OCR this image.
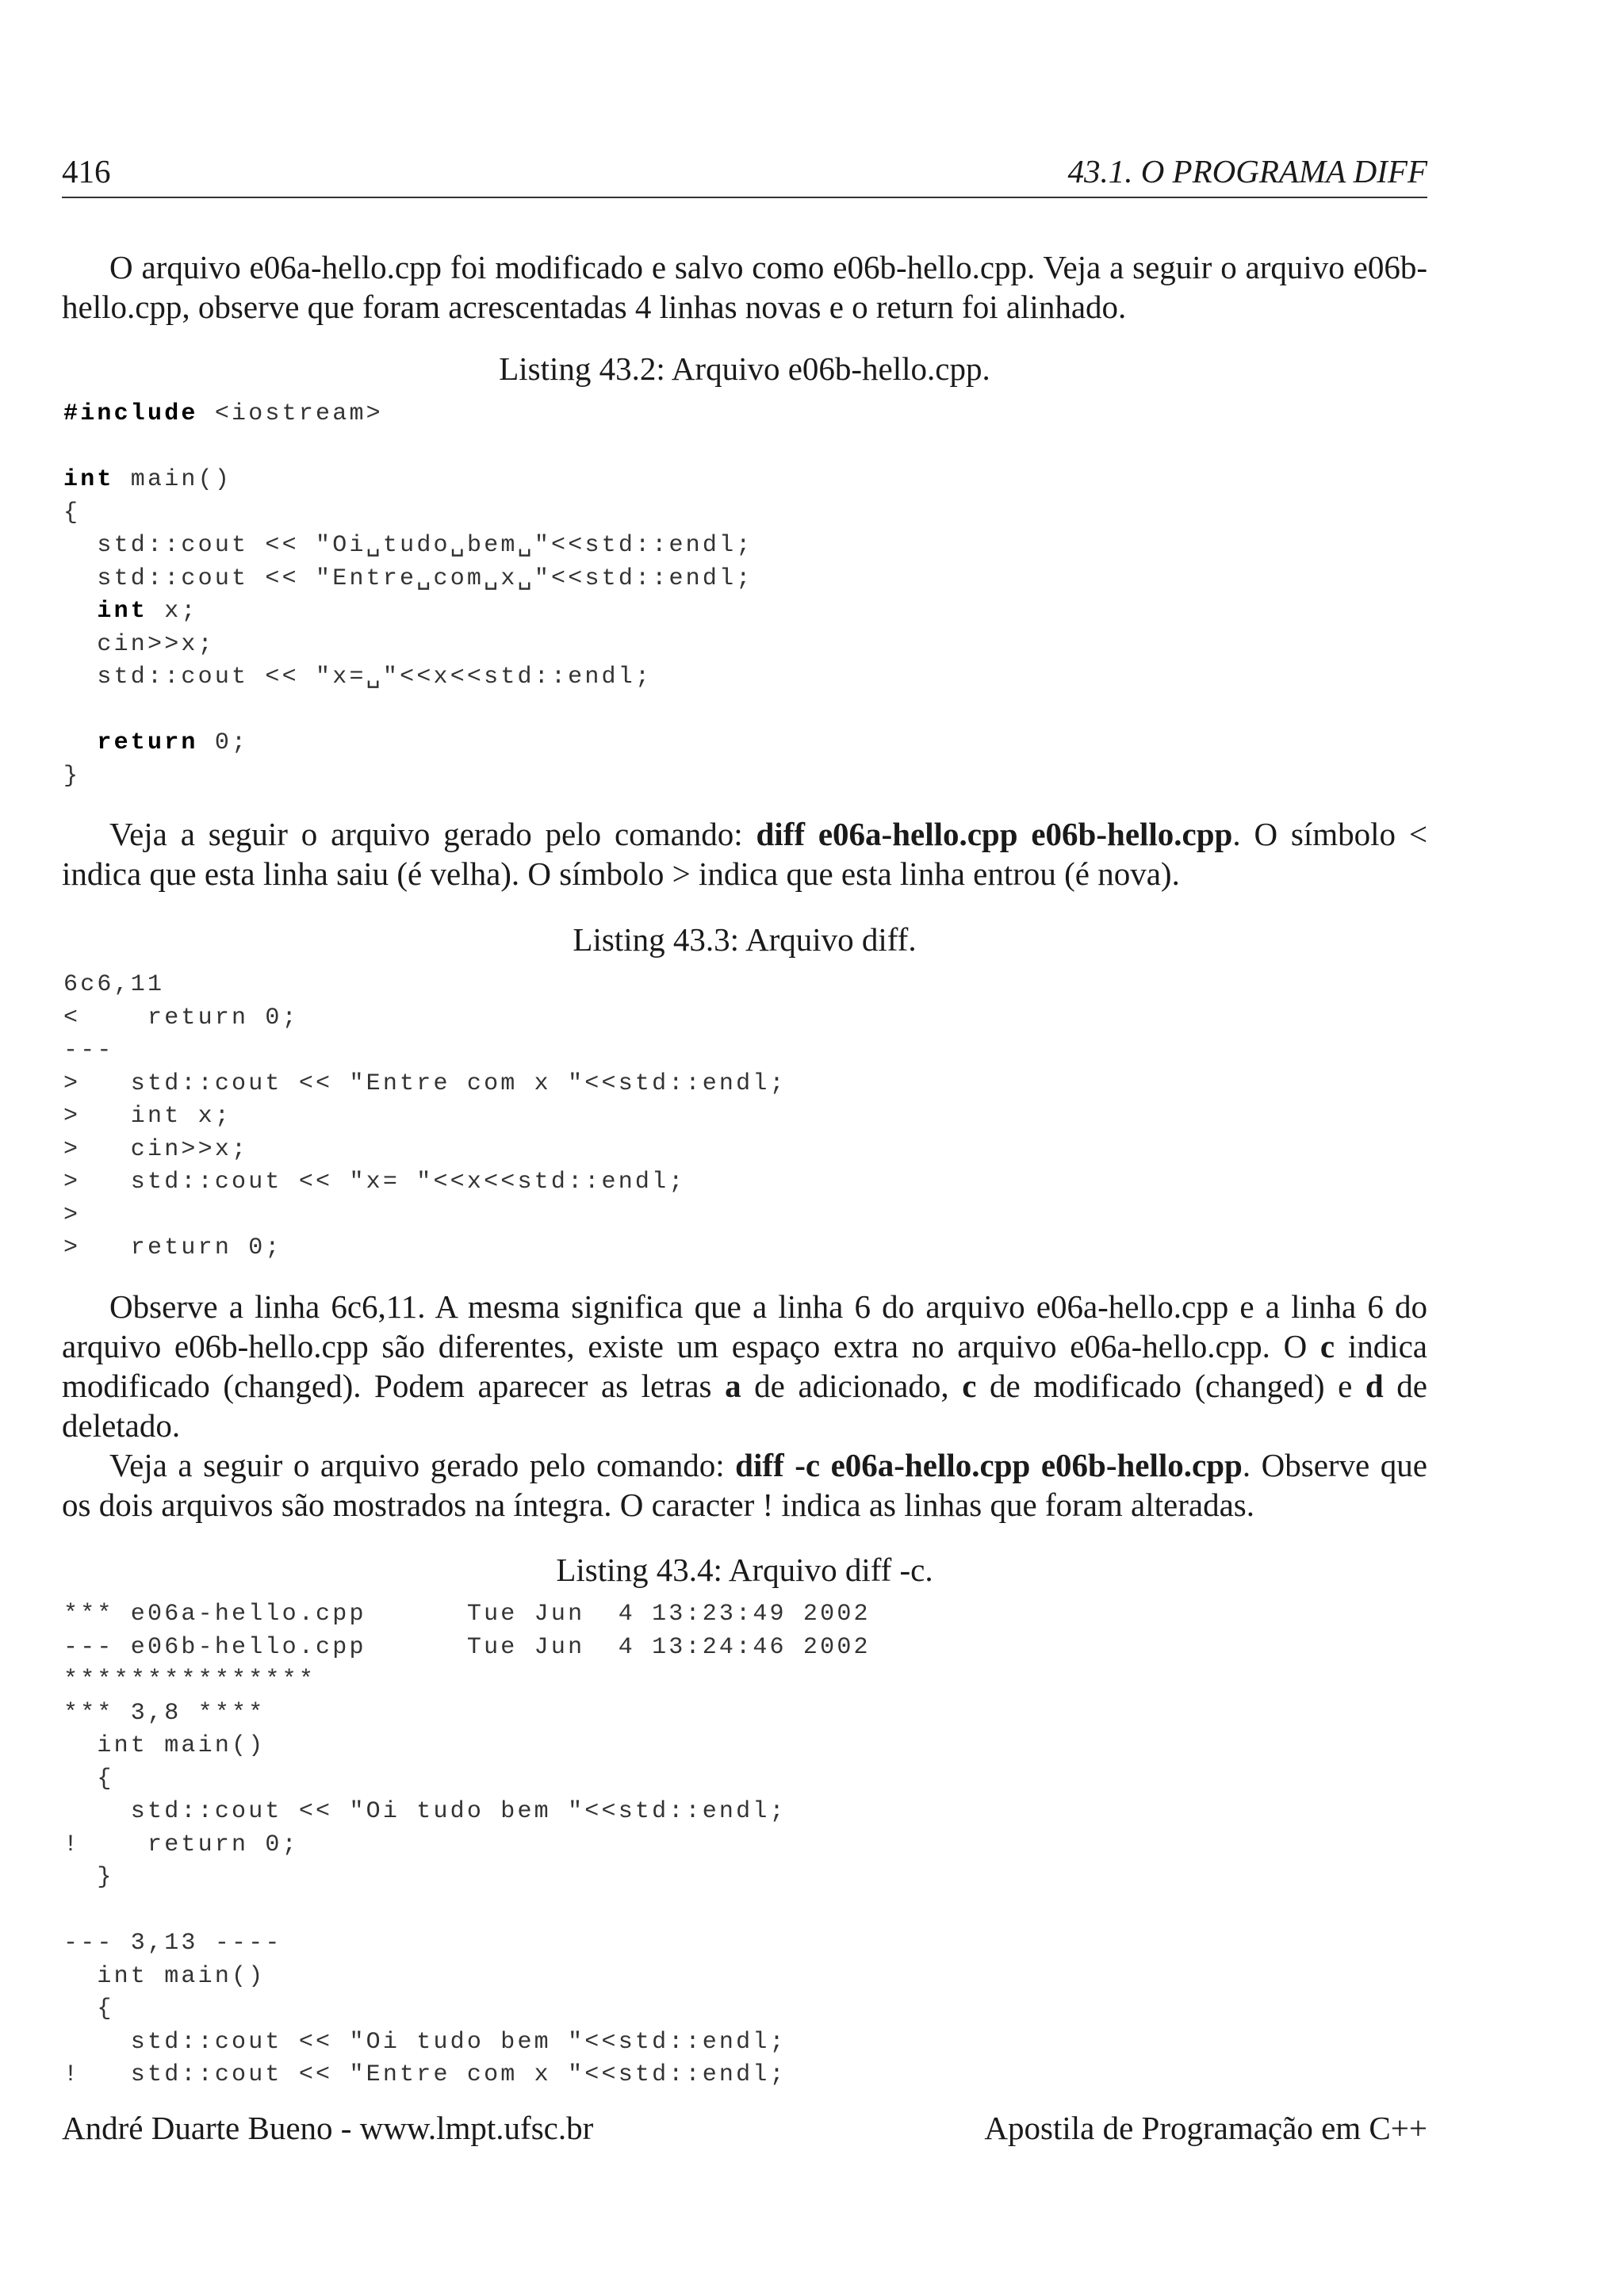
416	43.1. O PROGRAMA DIFF

O arquivo e06a-hello.cpp foi modificado e salvo como e06b-hello.cpp. Veja a seguir o arquivo e06b-hello.cpp, observe que foram acrescentadas 4 linhas novas e o return foi alinhado.

Listing 43.2: Arquivo e06b-hello.cpp.
#include <iostream>
int main()
{
std::cout << "Oi␣tudo␣bem␣"<<std::endl;
std::cout << "Entre␣com␣x␣"<<std::endl;
int x;
cin>>x;
std::cout << "x=␣"<<x<<std::endl;
return 0;
}

Veja a seguir o arquivo gerado pelo comando: diff e06a-hello.cpp e06b-hello.cpp. O símbolo < indica que esta linha saiu (é velha). O símbolo > indica que esta linha entrou (é nova).

Listing 43.3: Arquivo diff.
6c6,11
<    return 0;
---
>   std::cout << "Entre com x "<<std::endl;
>   int x;
>   cin>>x;
>   std::cout << "x= "<<x<<std::endl;
>
>   return 0;

Observe a linha 6c6,11. A mesma significa que a linha 6 do arquivo e06a-hello.cpp e a linha 6 do arquivo e06b-hello.cpp são diferentes, existe um espaço extra no arquivo e06a-hello.cpp. O c indica modificado (changed). Podem aparecer as letras a de adicionado, c de modificado (changed) e d de deletado.

Veja a seguir o arquivo gerado pelo comando: diff -c e06a-hello.cpp e06b-hello.cpp. Observe que os dois arquivos são mostrados na íntegra. O caracter ! indica as linhas que foram alteradas.

Listing 43.4: Arquivo diff -c.
*** e06a-hello.cpp      Tue Jun  4 13:23:49 2002
--- e06b-hello.cpp      Tue Jun  4 13:24:46 2002
***************
*** 3,8 ****
int main()
{
std::cout << "Oi tudo bem "<<std::endl;
!    return 0;
}
--- 3,13 ----
int main()
{
std::cout << "Oi tudo bem "<<std::endl;
!   std::cout << "Entre com x "<<std::endl;
André Duarte Bueno - www.lmpt.ufsc.br	Apostila de Programação em C++
